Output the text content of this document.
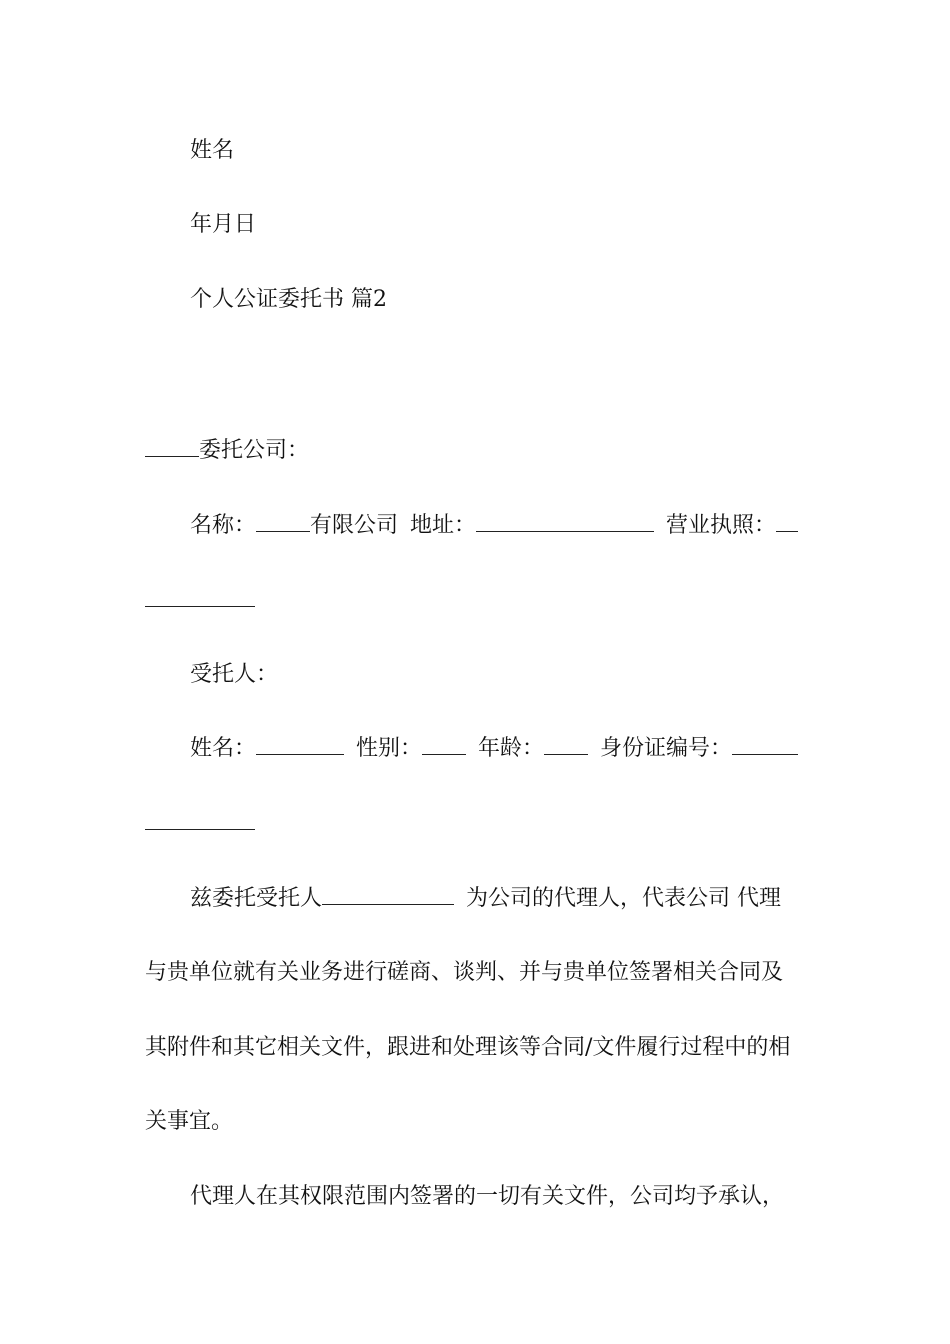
姓名

年月日

个人公证委托书 篇2

委托公司：

名称： 有限公司 地址：	营业执照：

受托人：

姓名：	性别：	年龄：	身份证编号：

兹委托受托人	为公司的代理人，代表公司 代理

与贵单位就有关业务进行磋商、谈判、并与贵单位签署相关合同及

其附件和其它相关文件，跟进和处理该等合同/文件履行过程中的相

关事宜。

代理人在其权限范围内签署的一切有关文件，公司均予承认，
